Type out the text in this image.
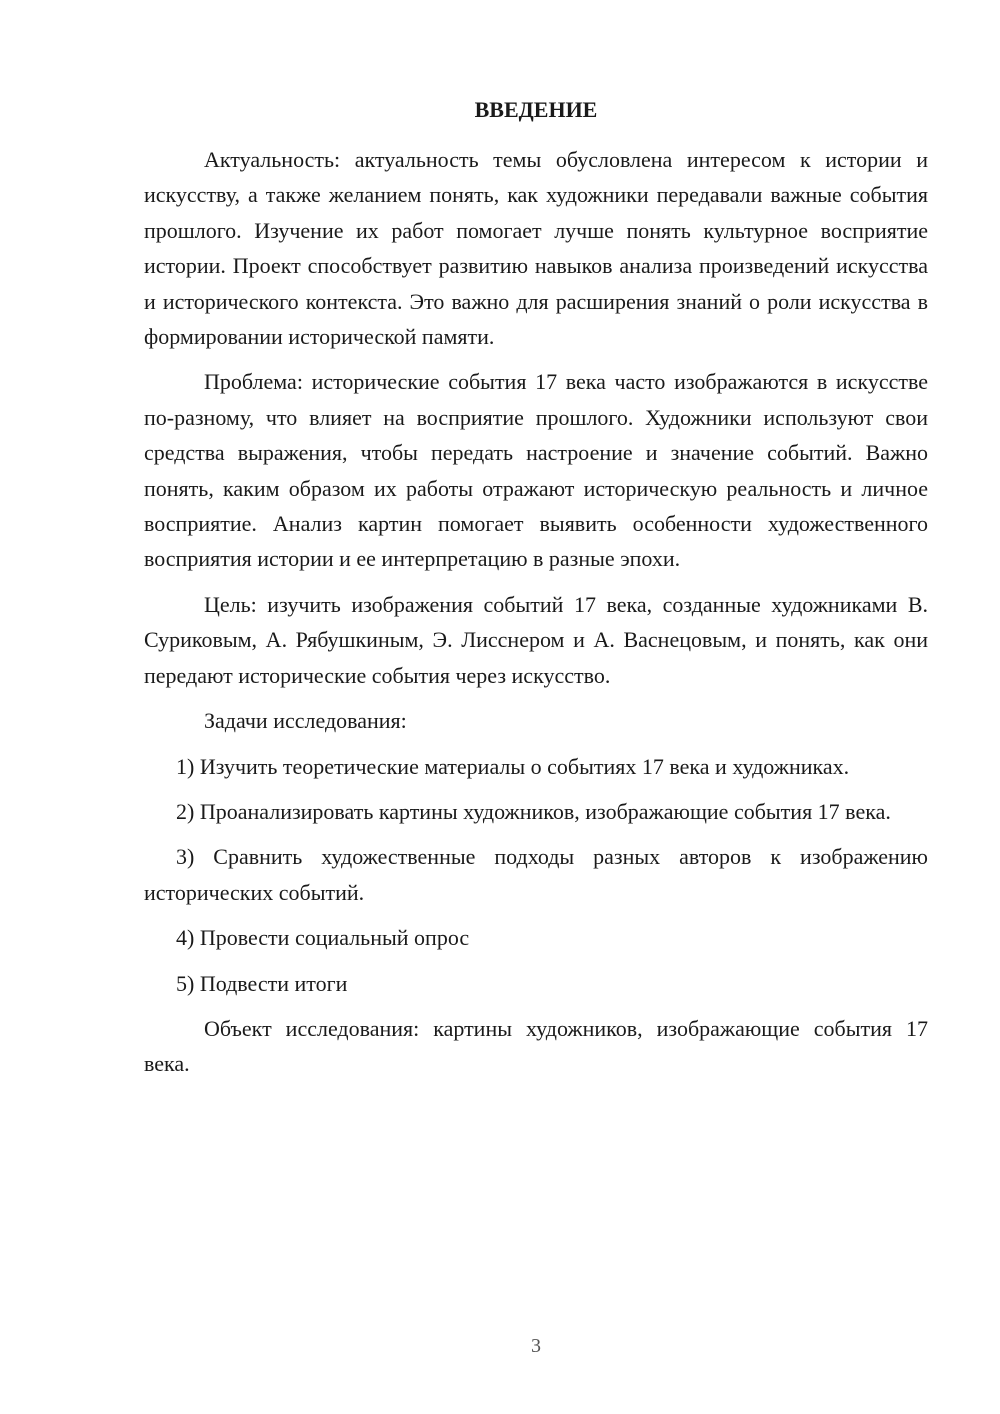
ВВЕДЕНИЕ

Актуальность: актуальность темы обусловлена интересом к истории и искусству, а также желанием понять, как художники передавали важные события прошлого. Изучение их работ помогает лучше понять культурное восприятие истории. Проект способствует развитию навыков анализа произведений искусства и исторического контекста. Это важно для расширения знаний о роли искусства в формировании исторической памяти.

Проблема: исторические события 17 века часто изображаются в искусстве по-разному, что влияет на восприятие прошлого. Художники используют свои средства выражения, чтобы передать настроение и значение событий. Важно понять, каким образом их работы отражают историческую реальность и личное восприятие. Анализ картин помогает выявить особенности художественного восприятия истории и ее интерпретацию в разные эпохи.

Цель: изучить изображения событий 17 века, созданные художниками В. Суриковым, А. Рябушкиным, Э. Лисснером и А. Васнецовым, и понять, как они передают исторические события через искусство.

Задачи исследования:

1) Изучить теоретические материалы о событиях 17 века и художниках.

2) Проанализировать картины художников, изображающие события 17 века.

3) Сравнить художественные подходы разных авторов к изображению исторических событий.

4) Провести социальный опрос

5) Подвести итоги

Объект исследования: картины художников, изображающие события 17 века.

3
